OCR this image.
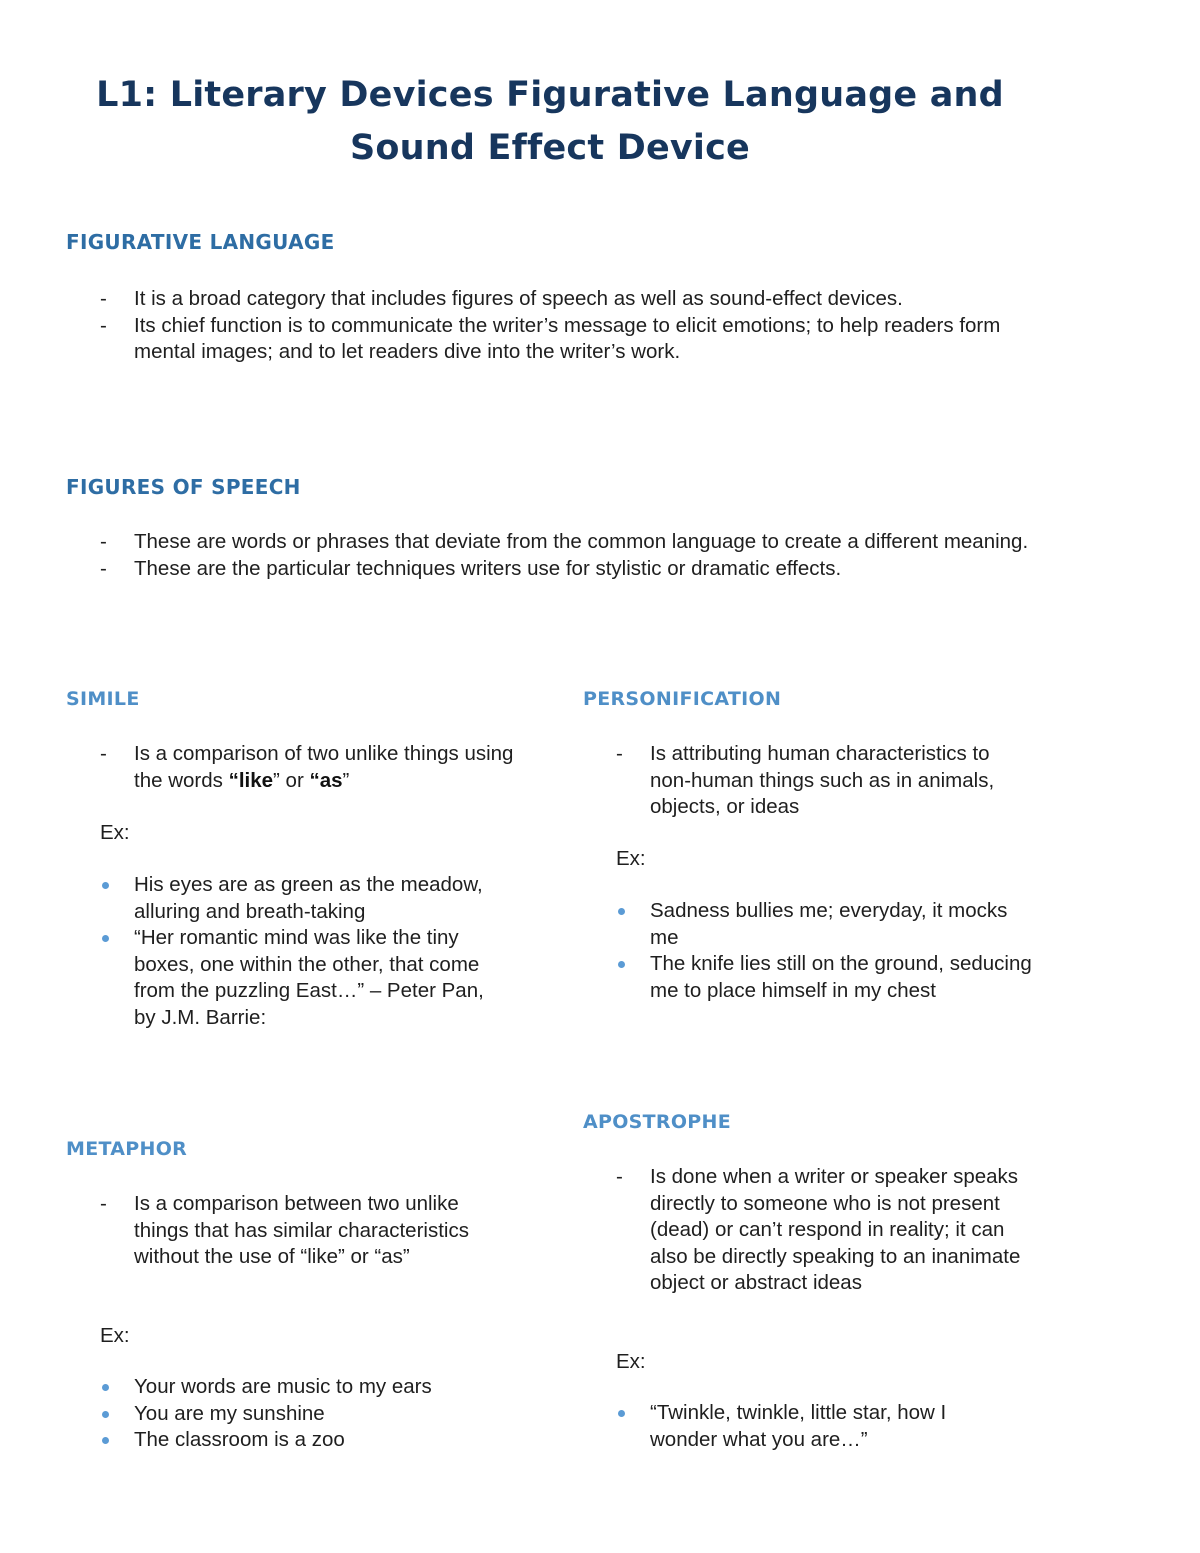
L1: Literary Devices Figurative Language and
Sound Effect Device
FIGURATIVE LANGUAGE
- It is a broad category that includes figures of speech as well as sound-effect devices.
- Its chief function is to communicate the writer’s message to elicit emotions; to help readers form mental images; and to let readers dive into the writer’s work.
FIGURES OF SPEECH
- These are words or phrases that deviate from the common language to create a different meaning.
- These are the particular techniques writers use for stylistic or dramatic effects.
SIMILE
- Is a comparison of two unlike things using the words “like” or “as”

Ex:

His eyes are as green as the meadow, alluring and breath-taking
“Her romantic mind was like the tiny boxes, one within the other, that come from the puzzling East…” – Peter Pan, by J.M. Barrie:
METAPHOR
- Is a comparison between two unlike things that has similar characteristics without the use of “like” or “as”

Ex:

Your words are music to my ears
You are my sunshine
The classroom is a zoo
PERSONIFICATION
- Is attributing human characteristics to non-human things such as in animals, objects, or ideas

Ex:

Sadness bullies me; everyday, it mocks me
The knife lies still on the ground, seducing me to place himself in my chest
APOSTROPHE
- Is done when a writer or speaker speaks directly to someone who is not present (dead) or can’t respond in reality; it can also be directly speaking to an inanimate object or abstract ideas

Ex:

“Twinkle, twinkle, little star, how I wonder what you are…”
